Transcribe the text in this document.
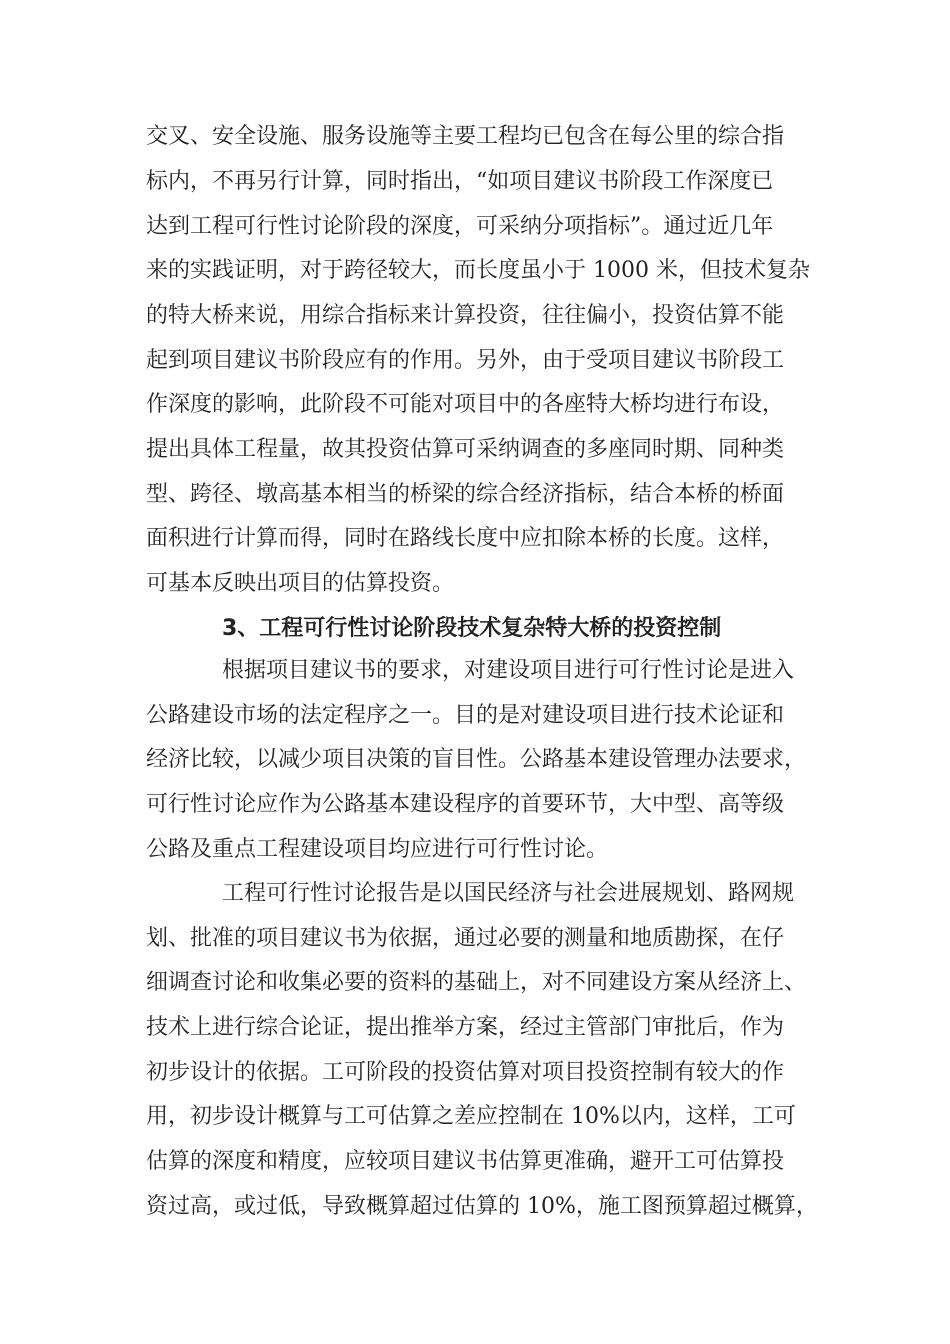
交叉、安全设施、服务设施等主要工程均已包含在每公里的综合指
标内，不再另行计算，同时指出，“如项目建议书阶段工作深度已
达到工程可行性讨论阶段的深度，可采纳分项指标”。通过近几年
来的实践证明，对于跨径较大，而长度虽小于 1000 米，但技术复杂
的特大桥来说，用综合指标来计算投资，往往偏小，投资估算不能
起到项目建议书阶段应有的作用。另外，由于受项目建议书阶段工
作深度的影响，此阶段不可能对项目中的各座特大桥均进行布设，
提出具体工程量，故其投资估算可采纳调查的多座同时期、同种类
型、跨径、墩高基本相当的桥梁的综合经济指标，结合本桥的桥面
面积进行计算而得，同时在路线长度中应扣除本桥的长度。这样，
可基本反映出项目的估算投资。
3、工程可行性讨论阶段技术复杂特大桥的投资控制
根据项目建议书的要求，对建设项目进行可行性讨论是进入
公路建设市场的法定程序之一。目的是对建设项目进行技术论证和
经济比较，以减少项目决策的盲目性。公路基本建设管理办法要求，
可行性讨论应作为公路基本建设程序的首要环节，大中型、高等级
公路及重点工程建设项目均应进行可行性讨论。
工程可行性讨论报告是以国民经济与社会进展规划、路网规
划、批准的项目建议书为依据，通过必要的测量和地质勘探，在仔
细调查讨论和收集必要的资料的基础上，对不同建设方案从经济上、
技术上进行综合论证，提出推举方案，经过主管部门审批后，作为
初步设计的依据。工可阶段的投资估算对项目投资控制有较大的作
用，初步设计概算与工可估算之差应控制在 10%以内，这样，工可
估算的深度和精度，应较项目建议书估算更准确，避开工可估算投
资过高，或过低，导致概算超过估算的 10%，施工图预算超过概算，
